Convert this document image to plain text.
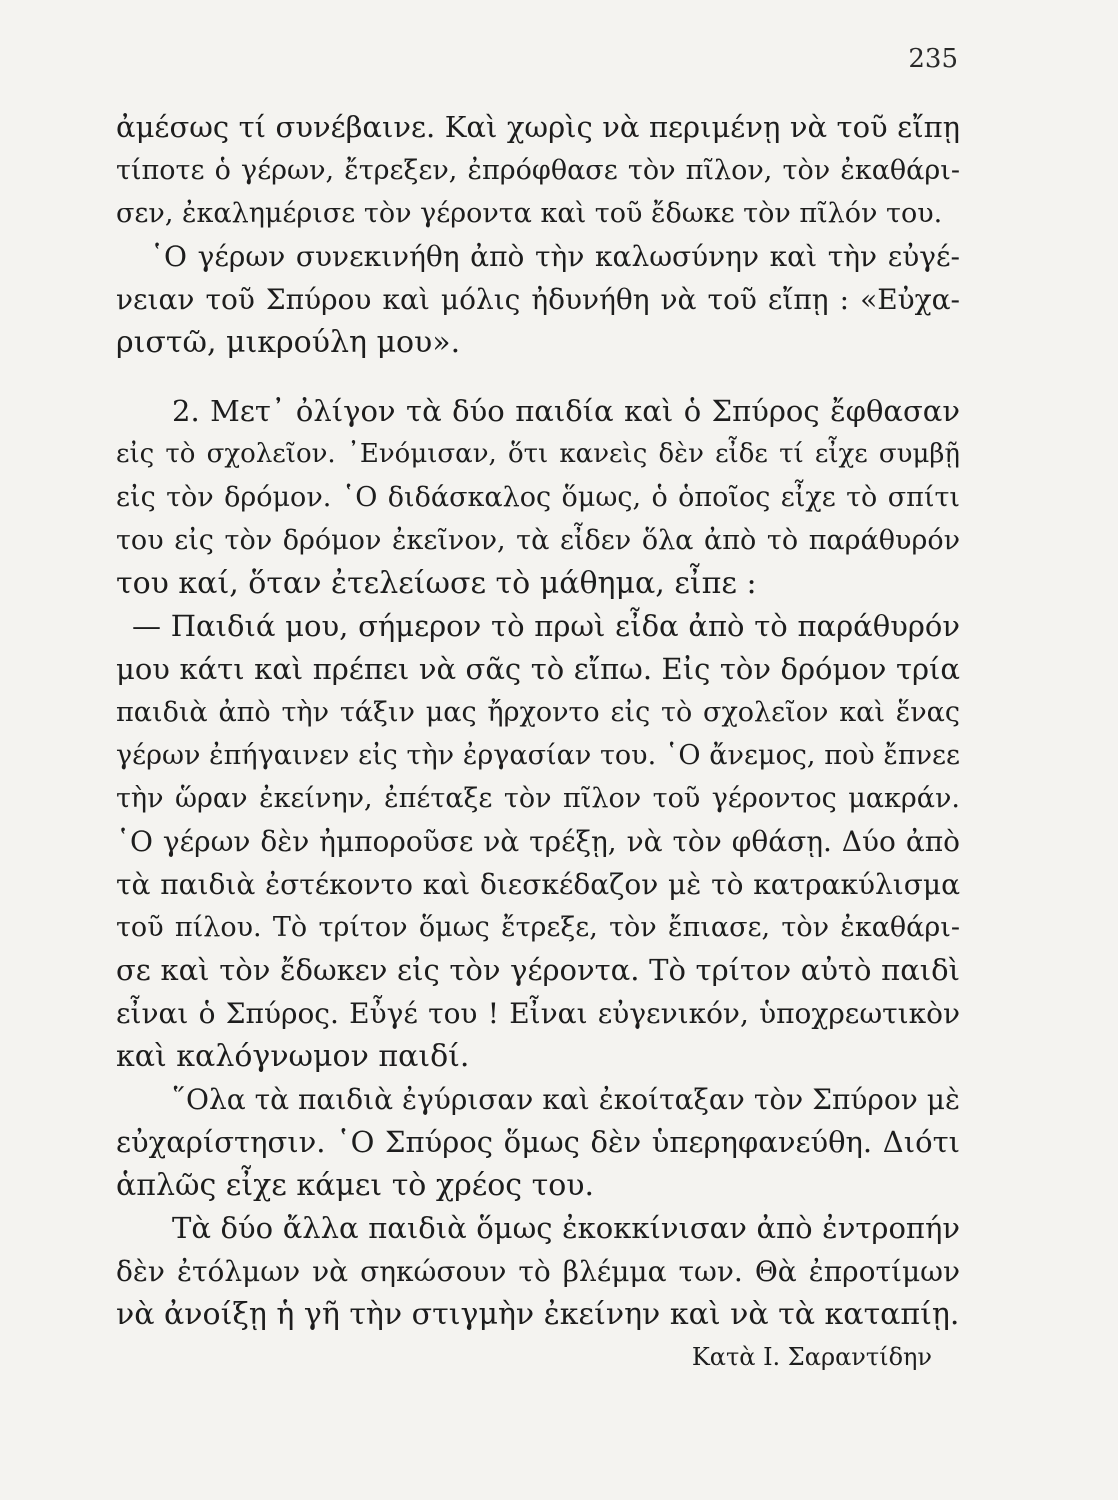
235
ἀμέσως τί συνέβαινε. Καὶ χωρὶς νὰ περιμένῃ νὰ τοῦ εἴπῃ
τίποτε ὁ γέρων, ἔτρεξεν, ἐπρόφθασε τὸν πῖλον, τὸν ἐκαθάρι-
σεν, ἐκαλημέρισε τὸν γέροντα καὶ τοῦ ἔδωκε τὸν πῖλόν του.
῾Ο γέρων συνεκινήθη ἀπὸ τὴν καλωσύνην καὶ τὴν εὐγέ-
νειαν τοῦ Σπύρου καὶ μόλις ἠδυνήθη νὰ τοῦ εἴπῃ : «Εὐχα-
ριστῶ, μικρούλη μου».
2. Μετ᾿ ὀλίγον τὰ δύο παιδία καὶ ὁ Σπύρος ἔφθασαν
εἰς τὸ σχολεῖον. ᾿Ενόμισαν, ὅτι κανεὶς δὲν εἶδε τί εἶχε συμβῇ
εἰς τὸν δρόμον. ῾Ο διδάσκαλος ὅμως, ὁ ὁποῖος εἶχε τὸ σπίτι
του εἰς τὸν δρόμον ἐκεῖνον, τὰ εἶδεν ὅλα ἀπὸ τὸ παράθυρόν
του καί, ὅταν ἐτελείωσε τὸ μάθημα, εἶπε :
— Παιδιά μου, σήμερον τὸ πρωὶ εἶδα ἀπὸ τὸ παράθυρόν
μου κάτι καὶ πρέπει νὰ σᾶς τὸ εἴπω. Εἰς τὸν δρόμον τρία
παιδιὰ ἀπὸ τὴν τάξιν μας ἤρχοντο εἰς τὸ σχολεῖον καὶ ἕνας
γέρων ἐπήγαινεν εἰς τὴν ἐργασίαν του. ῾Ο ἄνεμος, ποὺ ἔπνεε
τὴν ὥραν ἐκείνην, ἐπέταξε τὸν πῖλον τοῦ γέροντος μακράν.
῾Ο γέρων δὲν ἠμποροῦσε νὰ τρέξῃ, νὰ τὸν φθάσῃ. Δύο ἀπὸ
τὰ παιδιὰ ἐστέκοντο καὶ διεσκέδαζον μὲ τὸ κατρακύλισμα
τοῦ πίλου. Τὸ τρίτον ὅμως ἔτρεξε, τὸν ἔπιασε, τὸν ἐκαθάρι-
σε καὶ τὸν ἔδωκεν εἰς τὸν γέροντα. Τὸ τρίτον αὐτὸ παιδὶ
εἶναι ὁ Σπύρος. Εὖγέ του ! Εἶναι εὐγενικόν, ὑποχρεωτικὸν
καὶ καλόγνωμον παιδί.
῞Ολα τὰ παιδιὰ ἐγύρισαν καὶ ἐκοίταξαν τὸν Σπύρον μὲ
εὐχαρίστησιν. ῾Ο Σπύρος ὅμως δὲν ὑπερηφανεύθη. Διότι
ἁπλῶς εἶχε κάμει τὸ χρέος του.
Τὰ δύο ἄλλα παιδιὰ ὅμως ἐκοκκίνισαν ἀπὸ ἐντροπήν
δὲν ἐτόλμων νὰ σηκώσουν τὸ βλέμμα των. Θὰ ἐπροτίμων
νὰ ἀνοίξῃ ἡ γῆ τὴν στιγμὴν ἐκείνην καὶ νὰ τὰ καταπίῃ.
Κατὰ Ι. Σαραντίδην
